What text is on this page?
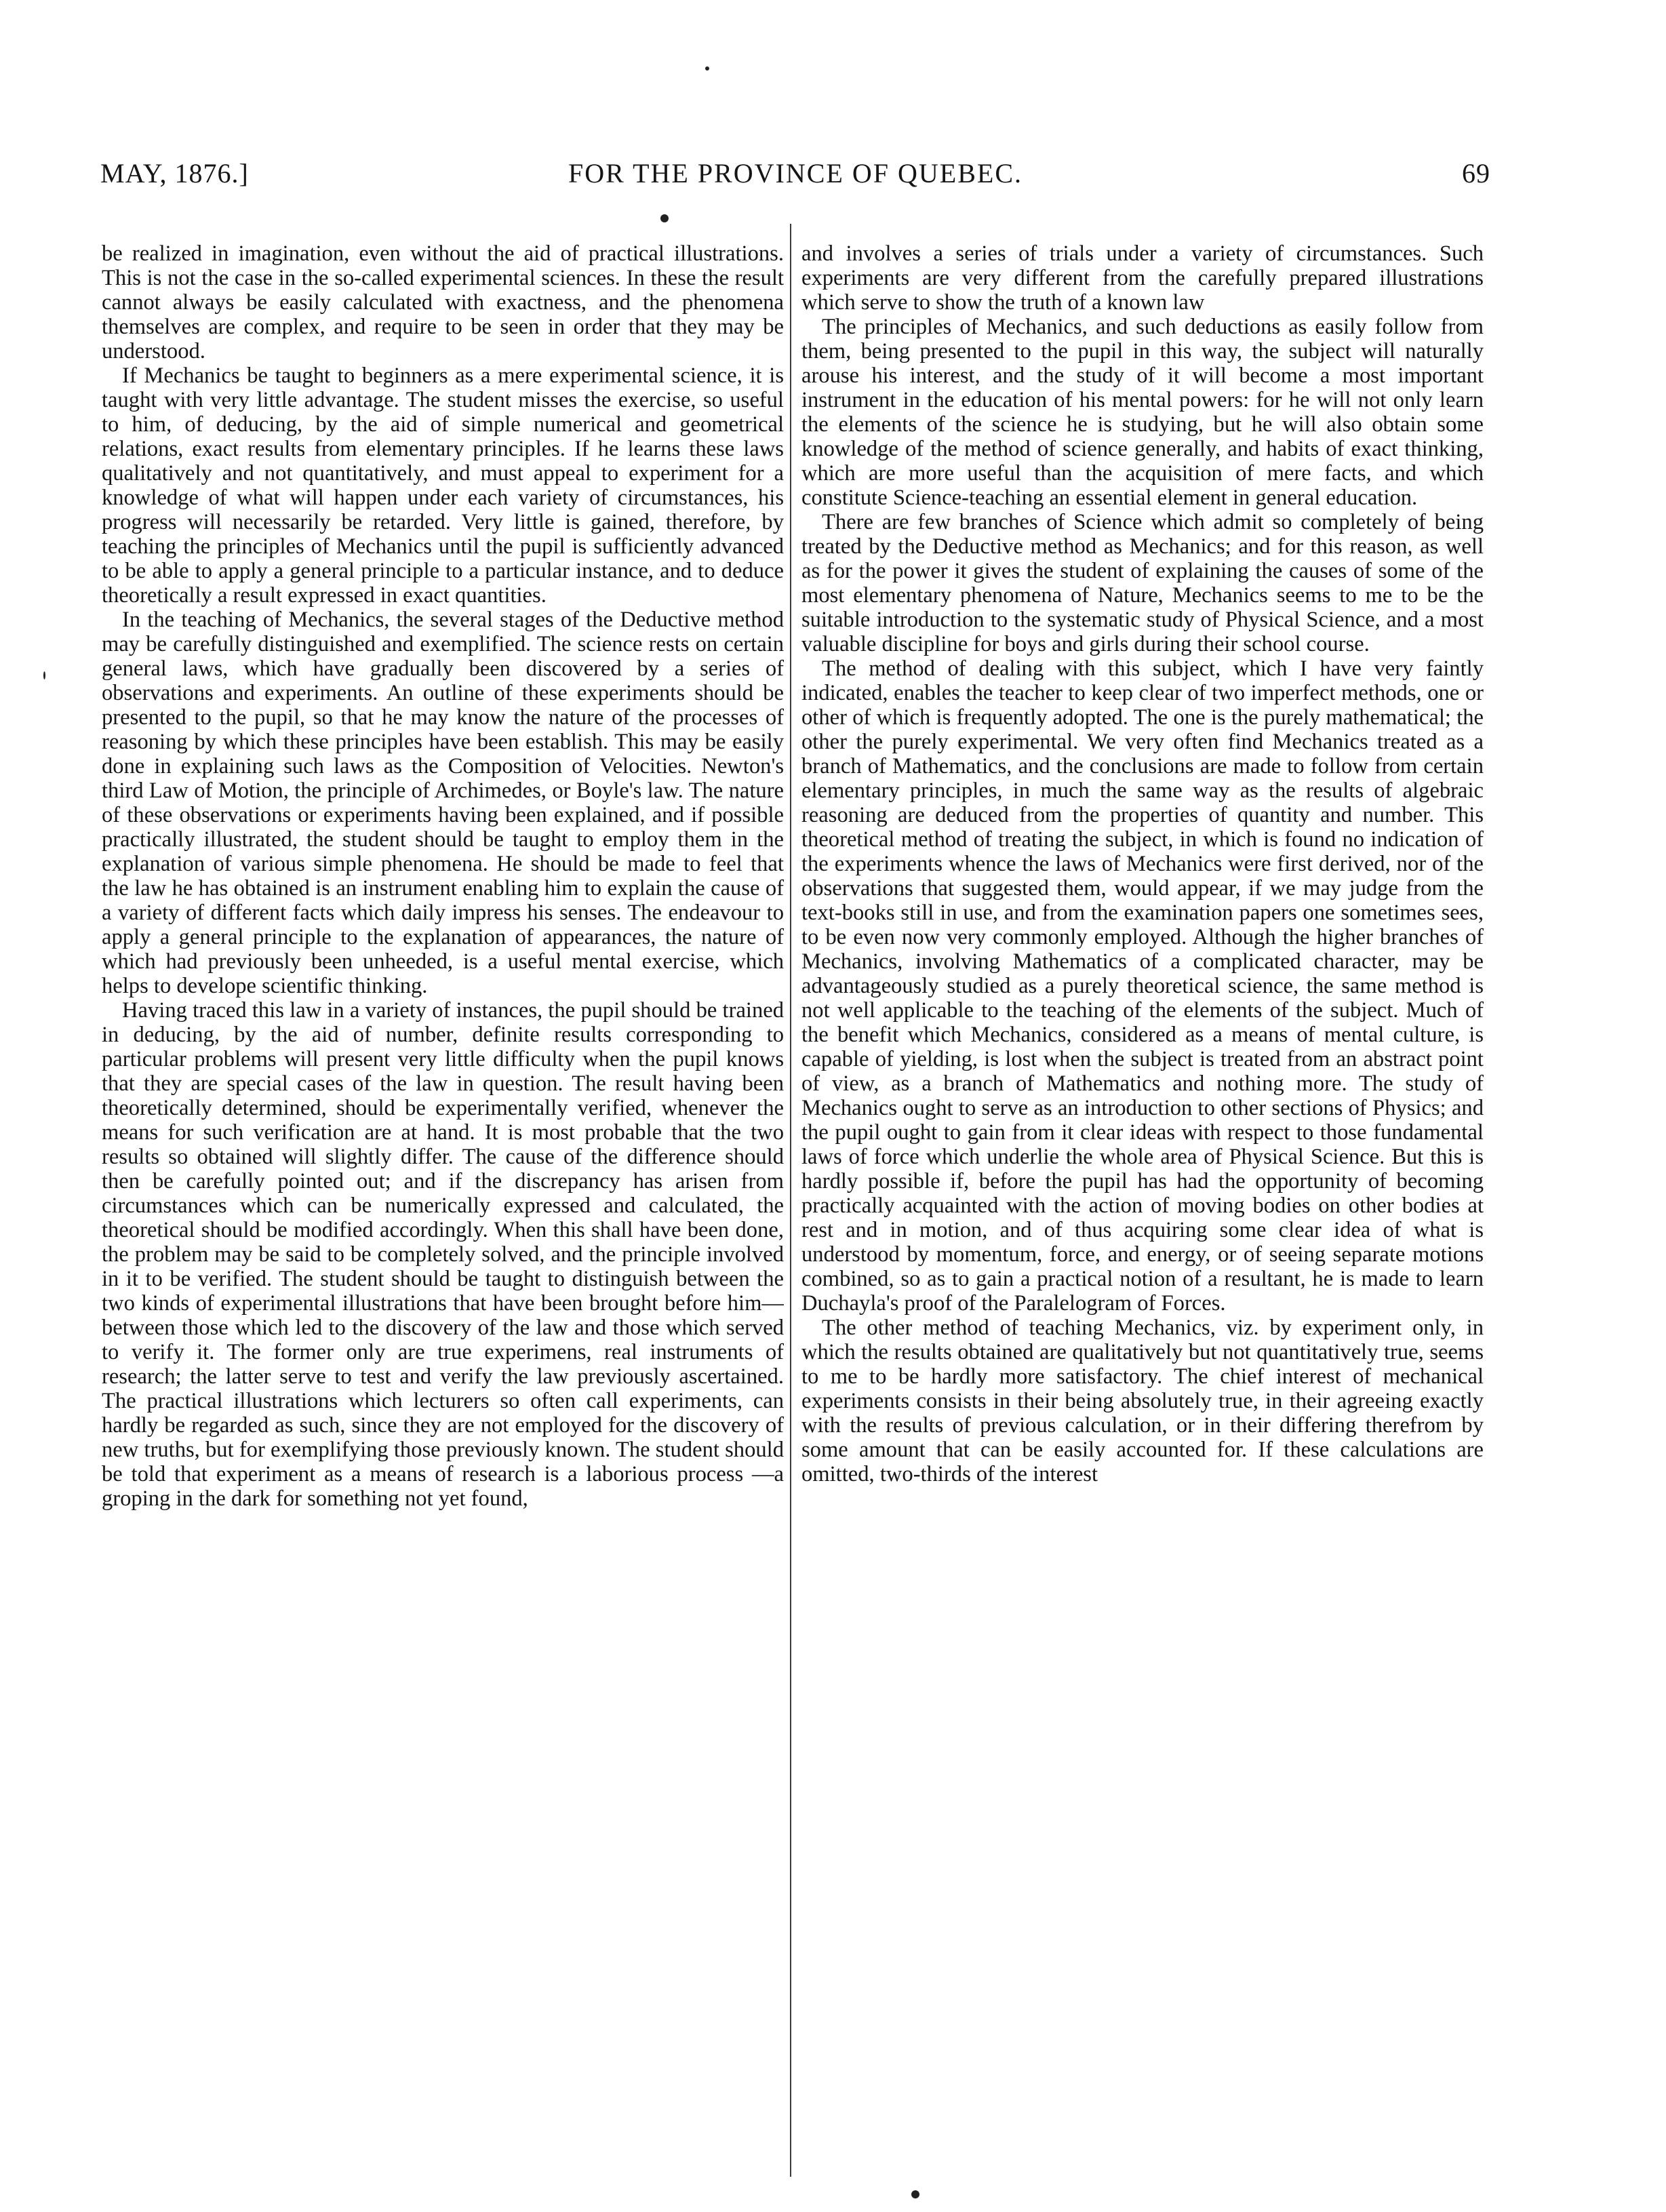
MAY, 1876.]	FOR THE PROVINCE OF QUEBEC.	69

be realized in imagination, even without the aid of practical illustrations. This is not the case in the so-called experimental sciences. In these the result cannot always be easily calculated with exactness, and the phenomena themselves are complex, and require to be seen in order that they may be understood.

If Mechanics be taught to beginners as a mere experimental science, it is taught with very little advantage. The student misses the exercise, so useful to him, of deducing, by the aid of simple numerical and geometrical relations, exact results from elementary principles. If he learns these laws qualitatively and not quantitatively, and must appeal to experiment for a knowledge of what will happen under each variety of circumstances, his progress will necessarily be retarded. Very little is gained, therefore, by teaching the principles of Mechanics until the pupil is sufficiently advanced to be able to apply a general principle to a particular instance, and to deduce theoretically a result expressed in exact quantities.

In the teaching of Mechanics, the several stages of the Deductive method may be carefully distinguished and exemplified. The science rests on certain general laws, which have gradually been discovered by a series of observations and experiments. An outline of these experiments should be presented to the pupil, so that he may know the nature of the processes of reasoning by which these principles have been establish. This may be easily done in explaining such laws as the Composition of Velocities. Newton's third Law of Motion, the principle of Archimedes, or Boyle's law. The nature of these observations or experiments having been explained, and if possible practically illustrated, the student should be taught to employ them in the explanation of various simple phenomena. He should be made to feel that the law he has obtained is an instrument enabling him to explain the cause of a variety of different facts which daily impress his senses. The endeavour to apply a general principle to the explanation of appearances, the nature of which had previously been unheeded, is a useful mental exercise, which helps to develope scientific thinking.

Having traced this law in a variety of instances, the pupil should be trained in deducing, by the aid of number, definite results corresponding to particular problems will present very little difficulty when the pupil knows that they are special cases of the law in question. The result having been theoretically determined, should be experimentally verified, whenever the means for such verification are at hand. It is most probable that the two results so obtained will slightly differ. The cause of the difference should then be carefully pointed out; and if the discrepancy has arisen from circumstances which can be numerically expressed and calculated, the theoretical should be modified accordingly. When this shall have been done, the problem may be said to be completely solved, and the principle involved in it to be verified. The student should be taught to distinguish between the two kinds of experimental illustrations that have been brought before him—between those which led to the discovery of the law and those which served to verify it. The former only are true experimens, real instruments of research; the latter serve to test and verify the law previously ascertained. The practical illustrations which lecturers so often call experiments, can hardly be regarded as such, since they are not employed for the discovery of new truths, but for exemplifying those previously known. The student should be told that experiment as a means of research is a laborious process —a groping in the dark for something not yet found,

and involves a series of trials under a variety of circumstances. Such experiments are very different from the carefully prepared illustrations which serve to show the truth of a known law

The principles of Mechanics, and such deductions as easily follow from them, being presented to the pupil in this way, the subject will naturally arouse his interest, and the study of it will become a most important instrument in the education of his mental powers: for he will not only learn the elements of the science he is studying, but he will also obtain some knowledge of the method of science generally, and habits of exact thinking, which are more useful than the acquisition of mere facts, and which constitute Science-teaching an essential element in general education.

There are few branches of Science which admit so completely of being treated by the Deductive method as Mechanics; and for this reason, as well as for the power it gives the student of explaining the causes of some of the most elementary phenomena of Nature, Mechanics seems to me to be the suitable introduction to the systematic study of Physical Science, and a most valuable discipline for boys and girls during their school course.

The method of dealing with this subject, which I have very faintly indicated, enables the teacher to keep clear of two imperfect methods, one or other of which is frequently adopted. The one is the purely mathematical; the other the purely experimental. We very often find Mechanics treated as a branch of Mathematics, and the conclusions are made to follow from certain elementary principles, in much the same way as the results of algebraic reasoning are deduced from the properties of quantity and number. This theoretical method of treating the subject, in which is found no indication of the experiments whence the laws of Mechanics were first derived, nor of the observations that suggested them, would appear, if we may judge from the text-books still in use, and from the examination papers one sometimes sees, to be even now very commonly employed. Although the higher branches of Mechanics, involving Mathematics of a complicated character, may be advantageously studied as a purely theoretical science, the same method is not well applicable to the teaching of the elements of the subject. Much of the benefit which Mechanics, considered as a means of mental culture, is capable of yielding, is lost when the subject is treated from an abstract point of view, as a branch of Mathematics and nothing more. The study of Mechanics ought to serve as an introduction to other sections of Physics; and the pupil ought to gain from it clear ideas with respect to those fundamental laws of force which underlie the whole area of Physical Science. But this is hardly possible if, before the pupil has had the opportunity of becoming practically acquainted with the action of moving bodies on other bodies at rest and in motion, and of thus acquiring some clear idea of what is understood by momentum, force, and energy, or of seeing separate motions combined, so as to gain a practical notion of a resultant, he is made to learn Duchayla's proof of the Paralelogram of Forces.

The other method of teaching Mechanics, viz. by experiment only, in which the results obtained are qualitatively but not quantitatively true, seems to me to be hardly more satisfactory. The chief interest of mechanical experiments consists in their being absolutely true, in their agreeing exactly with the results of previous calculation, or in their differing therefrom by some amount that can be easily accounted for. If these calculations are omitted, two-thirds of the interest
